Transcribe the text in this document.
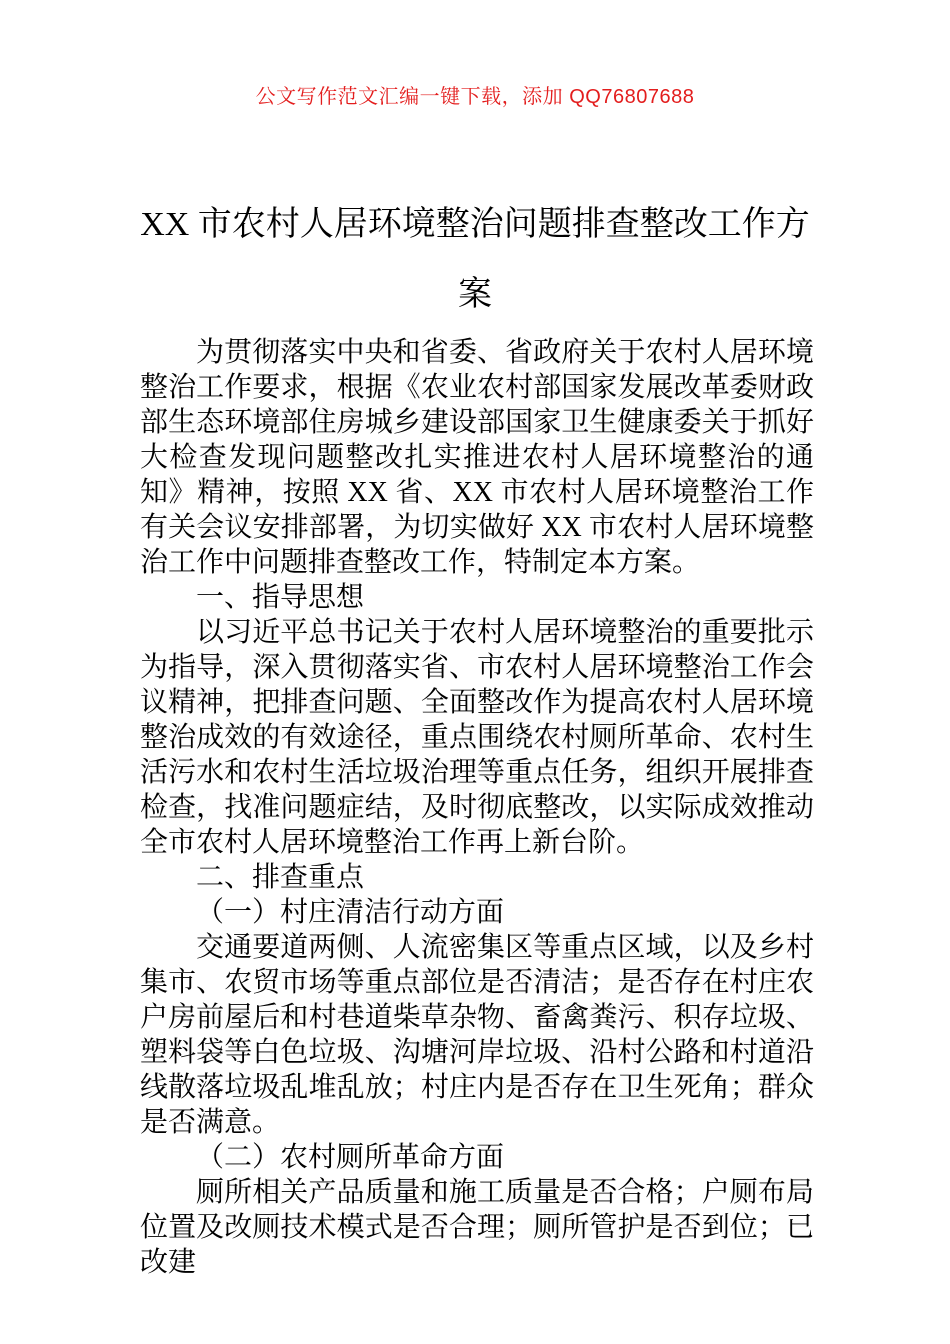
公文写作范文汇编一键下载，添加 QQ76807688
XX 市农村人居环境整治问题排查整改工作方案

为贯彻落实中央和省委、省政府关于农村人居环境整治工作要求，根据《农业农村部国家发展改革委财政部生态环境部住房城乡建设部国家卫生健康委关于抓好大检查发现问题整改扎实推进农村人居环境整治的通知》精神，按照 XX 省、XX 市农村人居环境整治工作有关会议安排部署，为切实做好 XX 市农村人居环境整治工作中问题排查整改工作，特制定本方案。

一、指导思想

以习近平总书记关于农村人居环境整治的重要批示为指导，深入贯彻落实省、市农村人居环境整治工作会议精神，把排查问题、全面整改作为提高农村人居环境整治成效的有效途径，重点围绕农村厕所革命、农村生活污水和农村生活垃圾治理等重点任务，组织开展排查检查，找准问题症结，及时彻底整改，以实际成效推动全市农村人居环境整治工作再上新台阶。

二、排查重点

（一）村庄清洁行动方面

交通要道两侧、人流密集区等重点区域，以及乡村集市、农贸市场等重点部位是否清洁；是否存在村庄农户房前屋后和村巷道柴草杂物、畜禽粪污、积存垃圾、塑料袋等白色垃圾、沟塘河岸垃圾、沿村公路和村道沿线散落垃圾乱堆乱放；村庄内是否存在卫生死角；群众是否满意。

（二）农村厕所革命方面

厕所相关产品质量和施工质量是否合格；户厕布局位置及改厕技术模式是否合理；厕所管护是否到位；已改建
